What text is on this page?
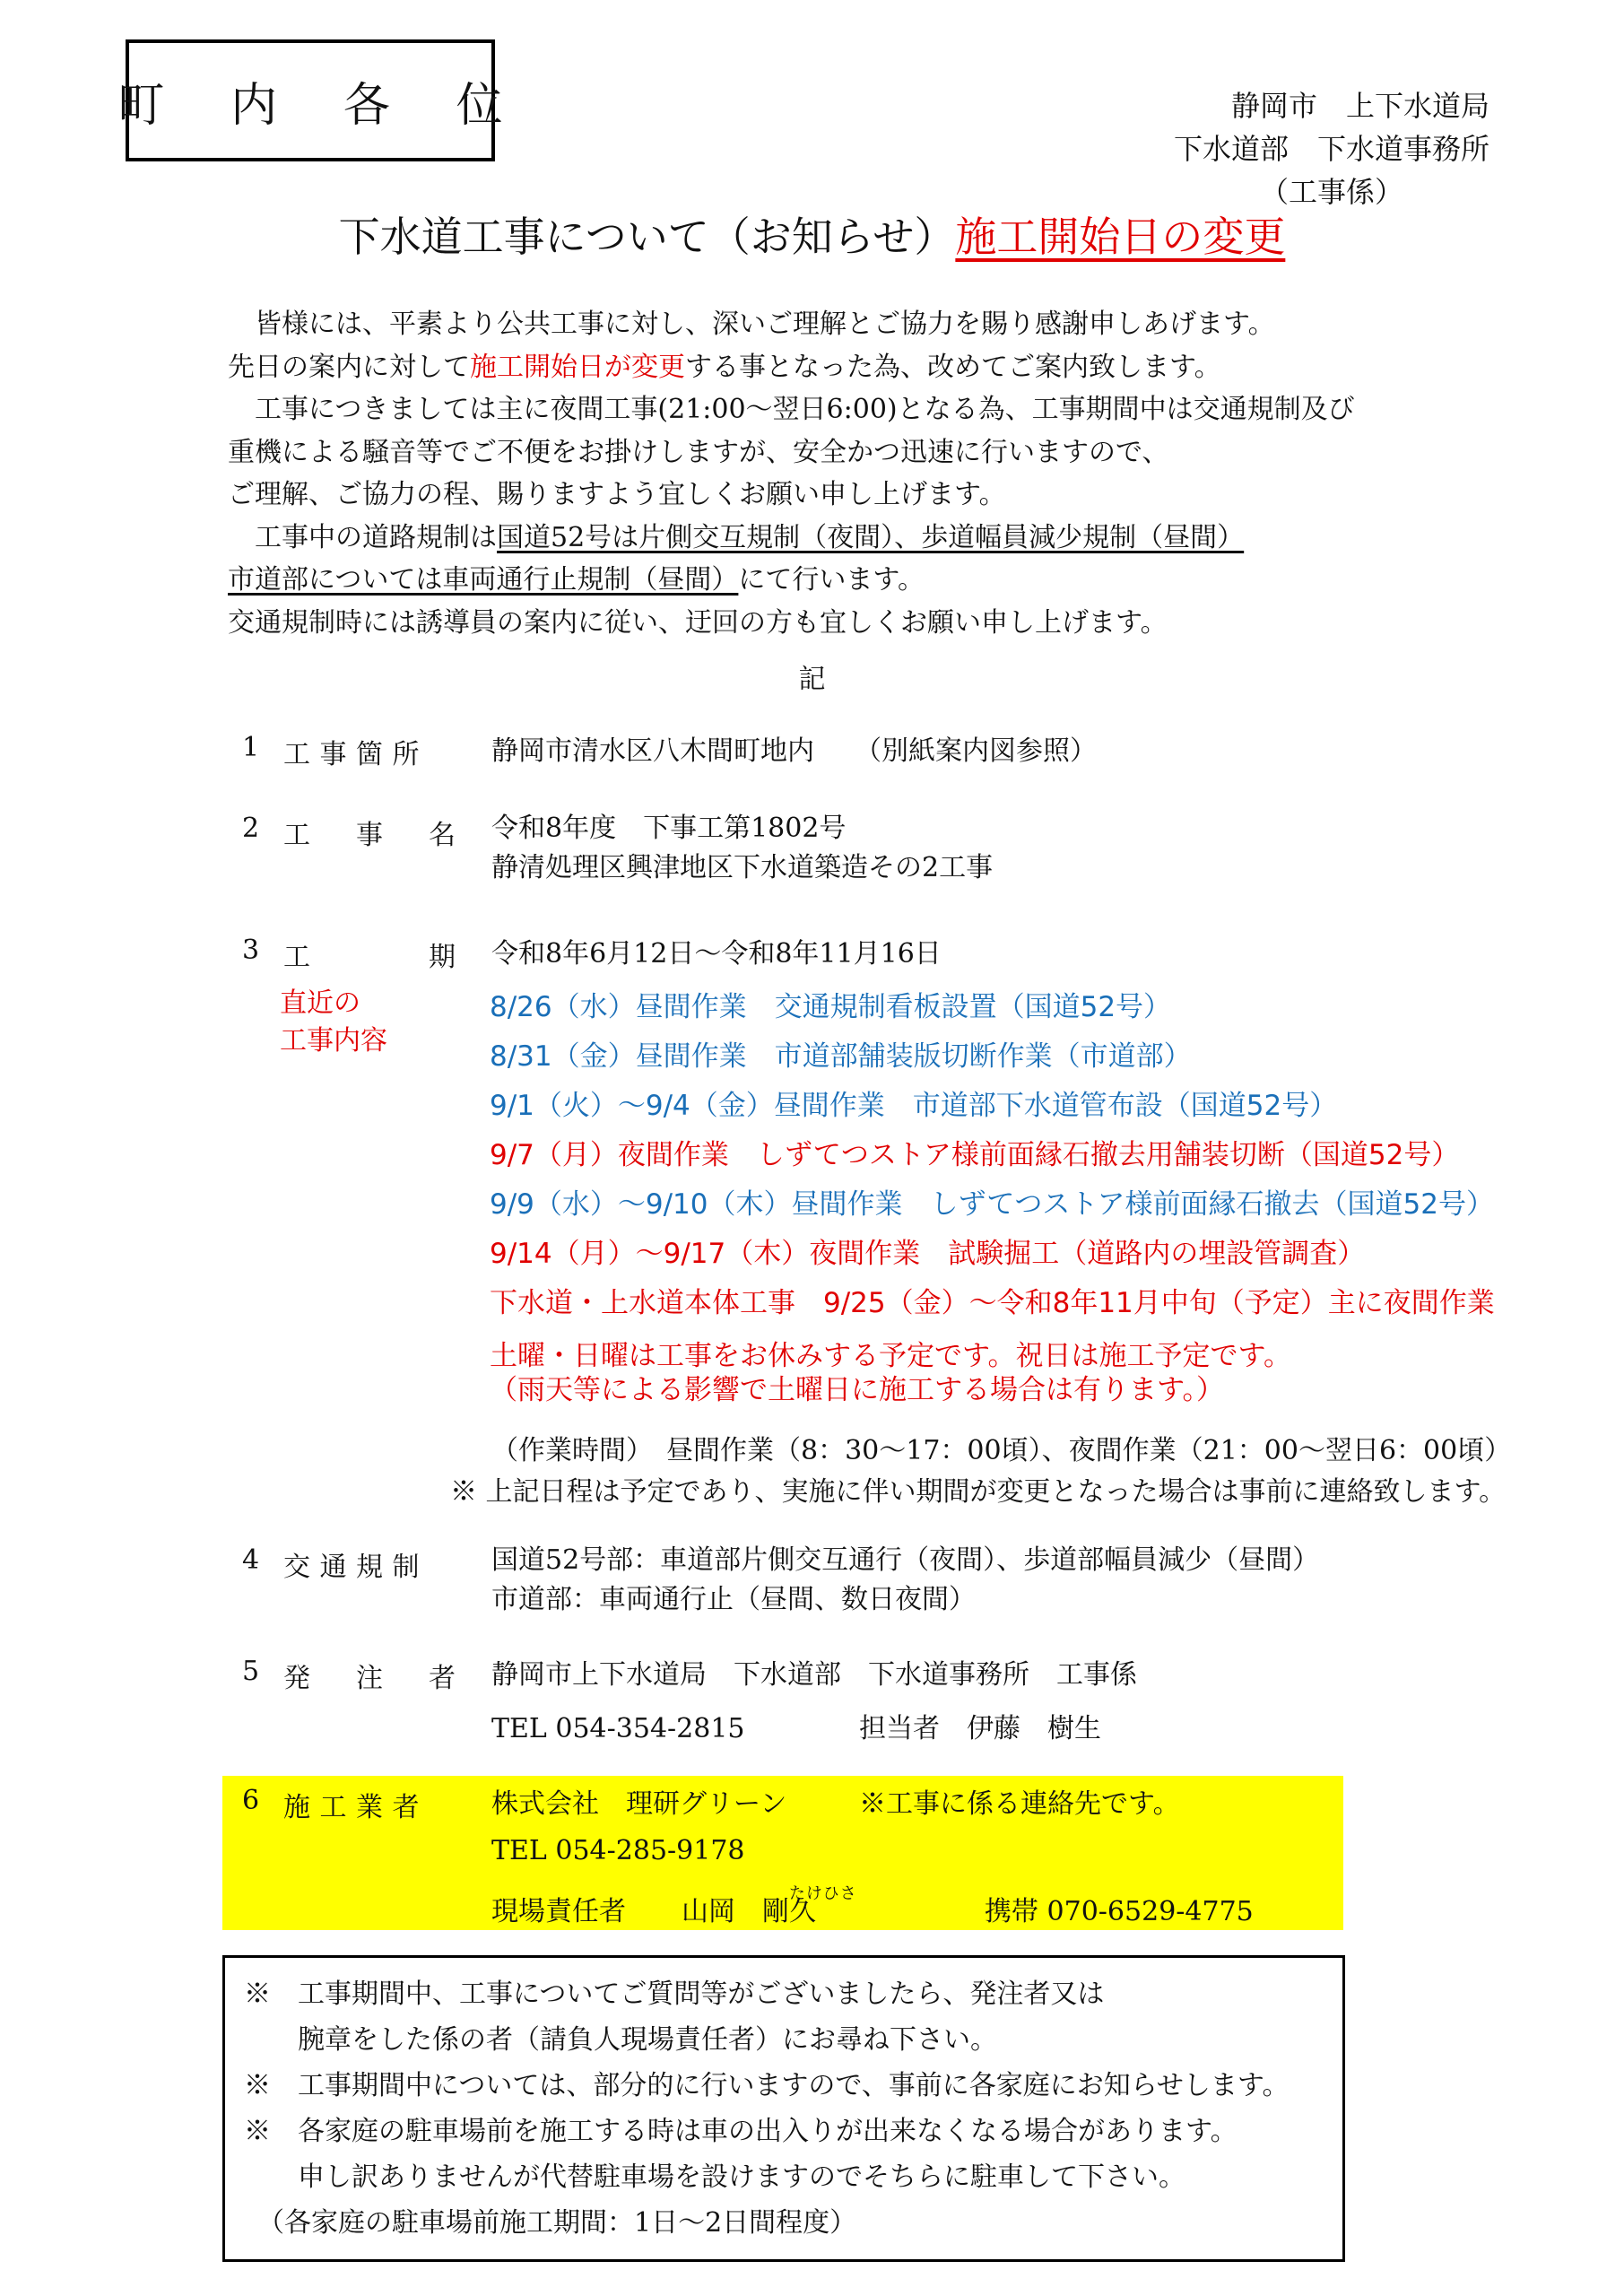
町 内 各 位	静岡市　上下水道局
下水道部　下水道事務所
（工事係）
下水道工事について（お知らせ）施工開始日の変更
　皆様には、平素より公共工事に対し、深いご理解とご協力を賜り感謝申しあげます。
先日の案内に対して施工開始日が変更する事となった為、改めてご案内致します。
　工事につきましては主に夜間工事(21:00～翌日6:00)となる為、工事期間中は交通規制及び
重機による騒音等でご不便をお掛けしますが、安全かつ迅速に行いますので、
ご理解、ご協力の程、賜りますよう宜しくお願い申し上げます。
　工事中の道路規制は国道52号は片側交互規制（夜間）、歩道幅員減少規制（昼間）
市道部については車両通行止規制（昼間）にて行います。
交通規制時には誘導員の案内に従い、迂回の方も宜しくお願い申し上げます。
記
1 工事箇所 静岡市清水区八木間町地内　　（別紙案内図参照）
2 工　事　名 令和8年度　下事工第1802号
静清処理区興津地区下水道築造その2工事
3 工　　　期 令和8年6月12日～令和8年11月16日
直近の
工事内容
8/26（水）昼間作業　交通規制看板設置（国道52号）
8/31（金）昼間作業　市道部舗装版切断作業（市道部）
9/1（火）～9/4（金）昼間作業　市道部下水道管布設（国道52号）
9/7（月）夜間作業　しずてつストア様前面縁石撤去用舗装切断（国道52号）
9/9（水）～9/10（木）昼間作業　しずてつストア様前面縁石撤去（国道52号）
9/14（月）～9/17（木）夜間作業　試験掘工（道路内の埋設管調査）
下水道・上水道本体工事　9/25（金）～令和8年11月中旬（予定）主に夜間作業
土曜・日曜は工事をお休みする予定です。祝日は施工予定です。
（雨天等による影響で土曜日に施工する場合は有ります。）
（作業時間）　昼間作業（8：30～17：00頃）、夜間作業（21：00～翌日6：00頃）
※ 上記日程は予定であり、実施に伴い期間が変更となった場合は事前に連絡致します。
4 交通規制 国道52号部：車道部片側交互通行（夜間）、歩道部幅員減少（昼間）
市道部：車両通行止（昼間、数日夜間）
5 発　注　者 静岡市上下水道局　下水道部　下水道事務所　工事係
TEL 054-354-2815	担当者　伊藤　樹生
6 施工業者 株式会社　理研グリーン	※工事に係る連絡先です。
TEL 054-285-9178
現場責任者
たけひさ
山岡　剛久	携帯 070-6529-4775
※　工事期間中、工事についてご質問等がございましたら、発注者又は
　　腕章をした係の者（請負人現場責任者）にお尋ね下さい。
※　工事期間中については、部分的に行いますので、事前に各家庭にお知らせします。
※　各家庭の駐車場前を施工する時は車の出入りが出来なくなる場合があります。
　　申し訳ありませんが代替駐車場を設けますのでそちらに駐車して下さい。
　（各家庭の駐車場前施工期間：1日～2日間程度）
